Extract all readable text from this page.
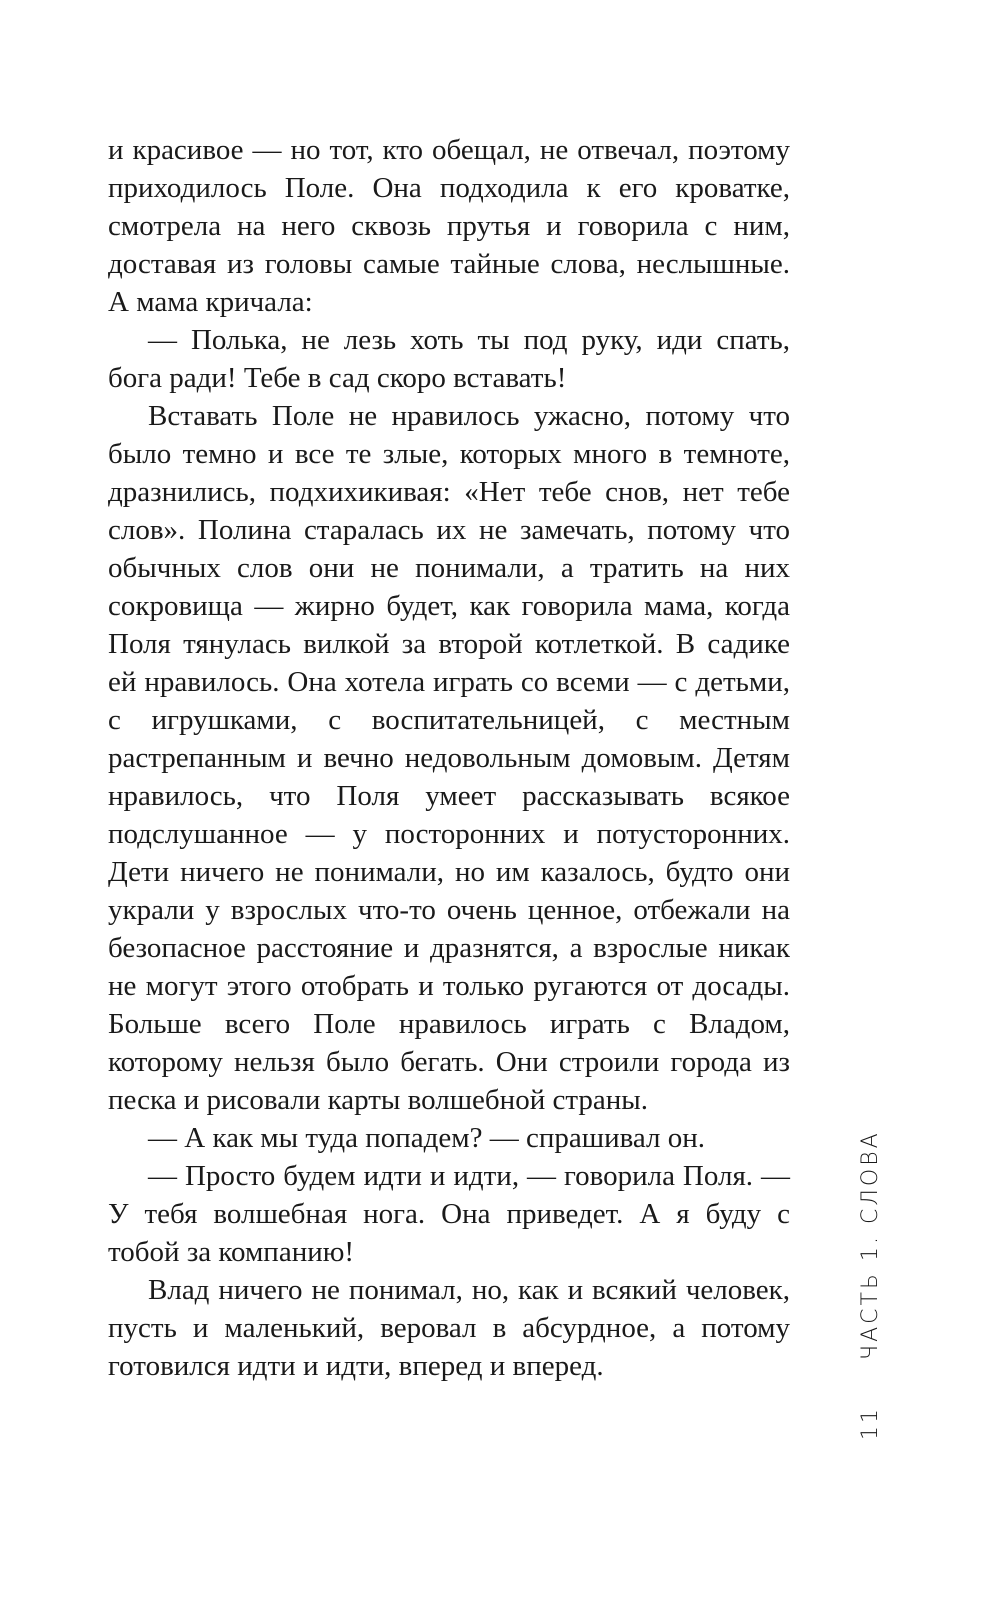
и красивое — но тот, кто обещал, не отвечал, поэтому приходилось Поле. Она подходила к его кроватке, смотрела на него сквозь прутья и говорила с ним, доставая из головы самые тайные слова, неслышные. А мама кричала:

— Полька, не лезь хоть ты под руку, иди спать, бога ради! Тебе в сад скоро вставать!

Вставать Поле не нравилось ужасно, потому что было темно и все те злые, которых много в темноте, дразнились, подхихикивая: «Нет тебе снов, нет тебе слов». Полина старалась их не замечать, потому что обычных слов они не понимали, а тратить на них сокровища — жирно будет, как говорила мама, когда Поля тянулась вилкой за второй котлеткой. В садике ей нравилось. Она хотела играть со всеми — с детьми, с игрушками, с воспитательницей, с местным растрепанным и вечно недовольным домовым. Детям нравилось, что Поля умеет рассказывать всякое подслушанное — у посторонних и потусторонних. Дети ничего не понимали, но им казалось, будто они украли у взрослых что-то очень ценное, отбежали на безопасное расстояние и дразнятся, а взрослые никак не могут этого отобрать и только ругаются от досады. Больше всего Поле нравилось играть с Владом, которому нельзя было бегать. Они строили города из песка и рисовали карты волшебной страны.

— А как мы туда попадем? — спрашивал он.

— Просто будем идти и идти, — говорила Поля. — У тебя волшебная нога. Она приведет. А я буду с тобой за компанию!

Влад ничего не понимал, но, как и всякий человек, пусть и маленький, веровал в абсурдное, а потому готовился идти и идти, вперед и вперед.

11ЧАСТЬ 1. СЛОВА
